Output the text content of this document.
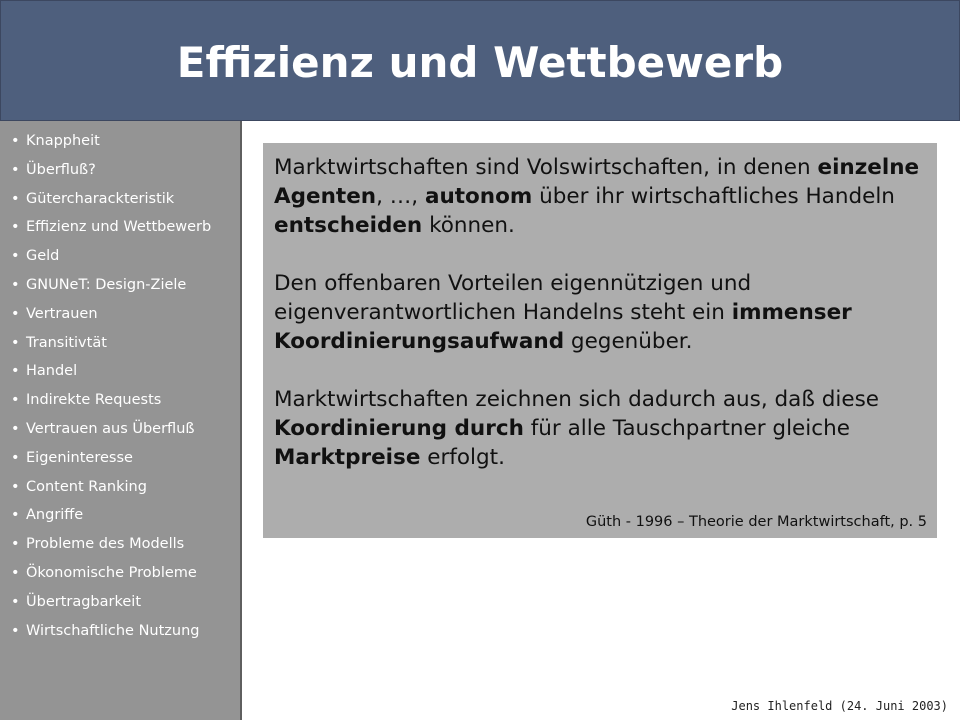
Effizienz und Wettbewerb
• Knappheit
• Überfluß?
• Gütercharackteristik
• Effizienz und Wettbewerb
• Geld
• GNUNeT: Design-Ziele
• Vertrauen
• Transitivtät
• Handel
• Indirekte Requests
• Vertrauen aus Überfluß
• Eigeninteresse
• Content Ranking
• Angriffe
• Probleme des Modells
• Ökonomische Probleme
• Übertragbarkeit
• Wirtschaftliche Nutzung

Marktwirtschaften sind Volswirtschaften, in denen einzelne Agenten, …, autonom über ihr wirtschaftliches Handeln entscheiden können.

Den offenbaren Vorteilen eigennützigen und eigenverantwortlichen Handelns steht ein immenser Koordinierungsaufwand gegenüber.

Marktwirtschaften zeichnen sich dadurch aus, daß diese Koordinierung durch für alle Tauschpartner gleiche Marktpreise erfolgt.

Güth - 1996 – Theorie der Marktwirtschaft, p. 5
Jens Ihlenfeld (24. Juni 2003)
